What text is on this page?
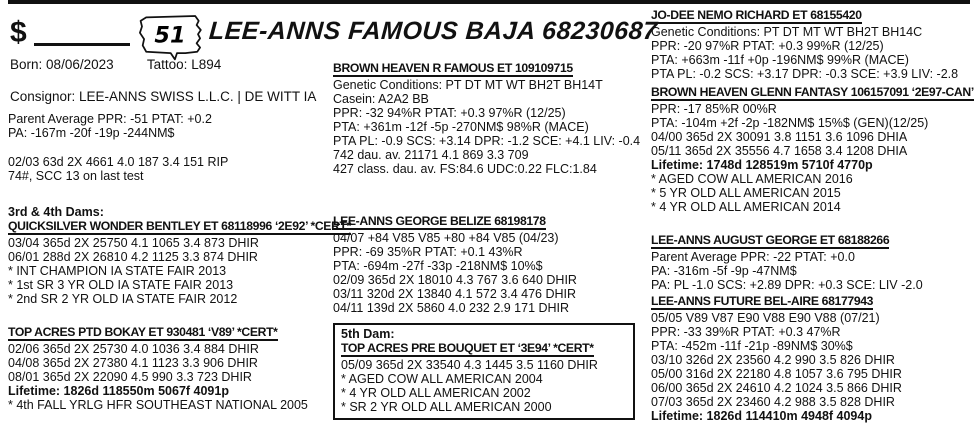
$	51 LEE-ANNS FAMOUS BAJA 68230687
Born: 08/06/2023 Tattoo: L894
Consignor: LEE-ANNS SWISS L.L.C. | DE WITT IA
Parent Average PPR: -51 PTAT: +0.2
PA: -167m -20f -19p -244NM$
02/03 63d 2X 4661 4.0 187 3.4 151 RIP
74#, SCC 13 on last test
3rd & 4th Dams:
QUICKSILVER WONDER BENTLEY ET 68118996 ‘2E92’ *CERT*
03/04 365d 2X 25750 4.1 1065 3.4 873 DHIR
06/01 288d 2X 26810 4.2 1125 3.3 874 DHIR
* INT CHAMPION IA STATE FAIR 2013
* 1st SR 3 YR OLD IA STATE FAIR 2013
* 2nd SR 2 YR OLD IA STATE FAIR 2012
TOP ACRES PTD BOKAY ET 930481 ‘V89’ *CERT*
02/06 365d 2X 25730 4.0 1036 3.4 884 DHIR
04/08 365d 2X 27380 4.1 1123 3.3 906 DHIR
08/01 365d 2X 22090 4.5 990 3.3 723 DHIR
Lifetime: 1826d 118550m 5067f 4091p
* 4th FALL YRLG HFR SOUTHEAST NATIONAL 2005
BROWN HEAVEN R FAMOUS ET 109109715
Genetic Conditions: PT DT MT WT BH2T BH14T
Casein: A2A2 BB
PPR: -32 94%R PTAT: +0.3 97%R (12/25)
PTA: +361m -12f -5p -270NM$ 98%R (MACE)
PTA PL: -0.9 SCS: +3.14 DPR: -1.2 SCE: +4.1 LIV: -0.4
742 dau. av. 21171 4.1 869 3.3 709
427 class. dau. av. FS:84.6 UDC:0.22 FLC:1.84
LEE-ANNS GEORGE BELIZE 68198178
04/07 +84 V85 V85 +80 +84 V85 (04/23)
PPR: -69 35%R PTAT: +0.1 43%R
PTA: -694m -27f -33p -218NM$ 10%$
02/09 365d 2X 18010 4.3 767 3.6 640 DHIR
03/11 320d 2X 13840 4.1 572 3.4 476 DHIR
04/11 139d 2X 5860 4.0 232 2.9 171 DHIR
5th Dam:
TOP ACRES PRE BOUQUET ET ‘3E94’ *CERT*
05/09 365d 2X 33540 4.3 1445 3.5 1160 DHIR
* AGED COW ALL AMERICAN 2004
* 4 YR OLD ALL AMERICAN 2002
* SR 2 YR OLD ALL AMERICAN 2000
JO-DEE NEMO RICHARD ET 68155420
Genetic Conditions: PT DT MT WT BH2T BH14C
PPR: -20 97%R PTAT: +0.3 99%R (12/25)
PTA: +663m -11f +0p -196NM$ 99%R (MACE)
PTA PL: -0.2 SCS: +3.17 DPR: -0.3 SCE: +3.9 LIV: -2.8
BROWN HEAVEN GLENN FANTASY 106157091 ‘2E97-CAN’
PPR: -17 85%R 00%R
PTA: -104m +2f -2p -182NM$ 15%$ (GEN)(12/25)
04/00 365d 2X 30091 3.8 1151 3.6 1096 DHIA
05/11 365d 2X 35556 4.7 1658 3.4 1208 DHIA
Lifetime: 1748d 128519m 5710f 4770p
* AGED COW ALL AMERICAN 2016
* 5 YR OLD ALL AMERICAN 2015
* 4 YR OLD ALL AMERICAN 2014
LEE-ANNS AUGUST GEORGE ET 68188266
Parent Average PPR: -22 PTAT: +0.0
PA: -316m -5f -9p -47NM$
PA: PL -1.0 SCS: +2.89 DPR: +0.3 SCE: LIV -2.0
LEE-ANNS FUTURE BEL-AIRE 68177943
05/05 V89 V87 E90 V88 E90 V88 (07/21)
PPR: -33 39%R PTAT: +0.3 47%R
PTA: -452m -11f -21p -89NM$ 30%$
03/10 326d 2X 23560 4.2 990 3.5 826 DHIR
05/00 316d 2X 22180 4.8 1057 3.6 795 DHIR
06/00 365d 2X 24610 4.2 1024 3.5 866 DHIR
07/03 365d 2X 23460 4.2 988 3.5 828 DHIR
Lifetime: 1826d 114410m 4948f 4094p
